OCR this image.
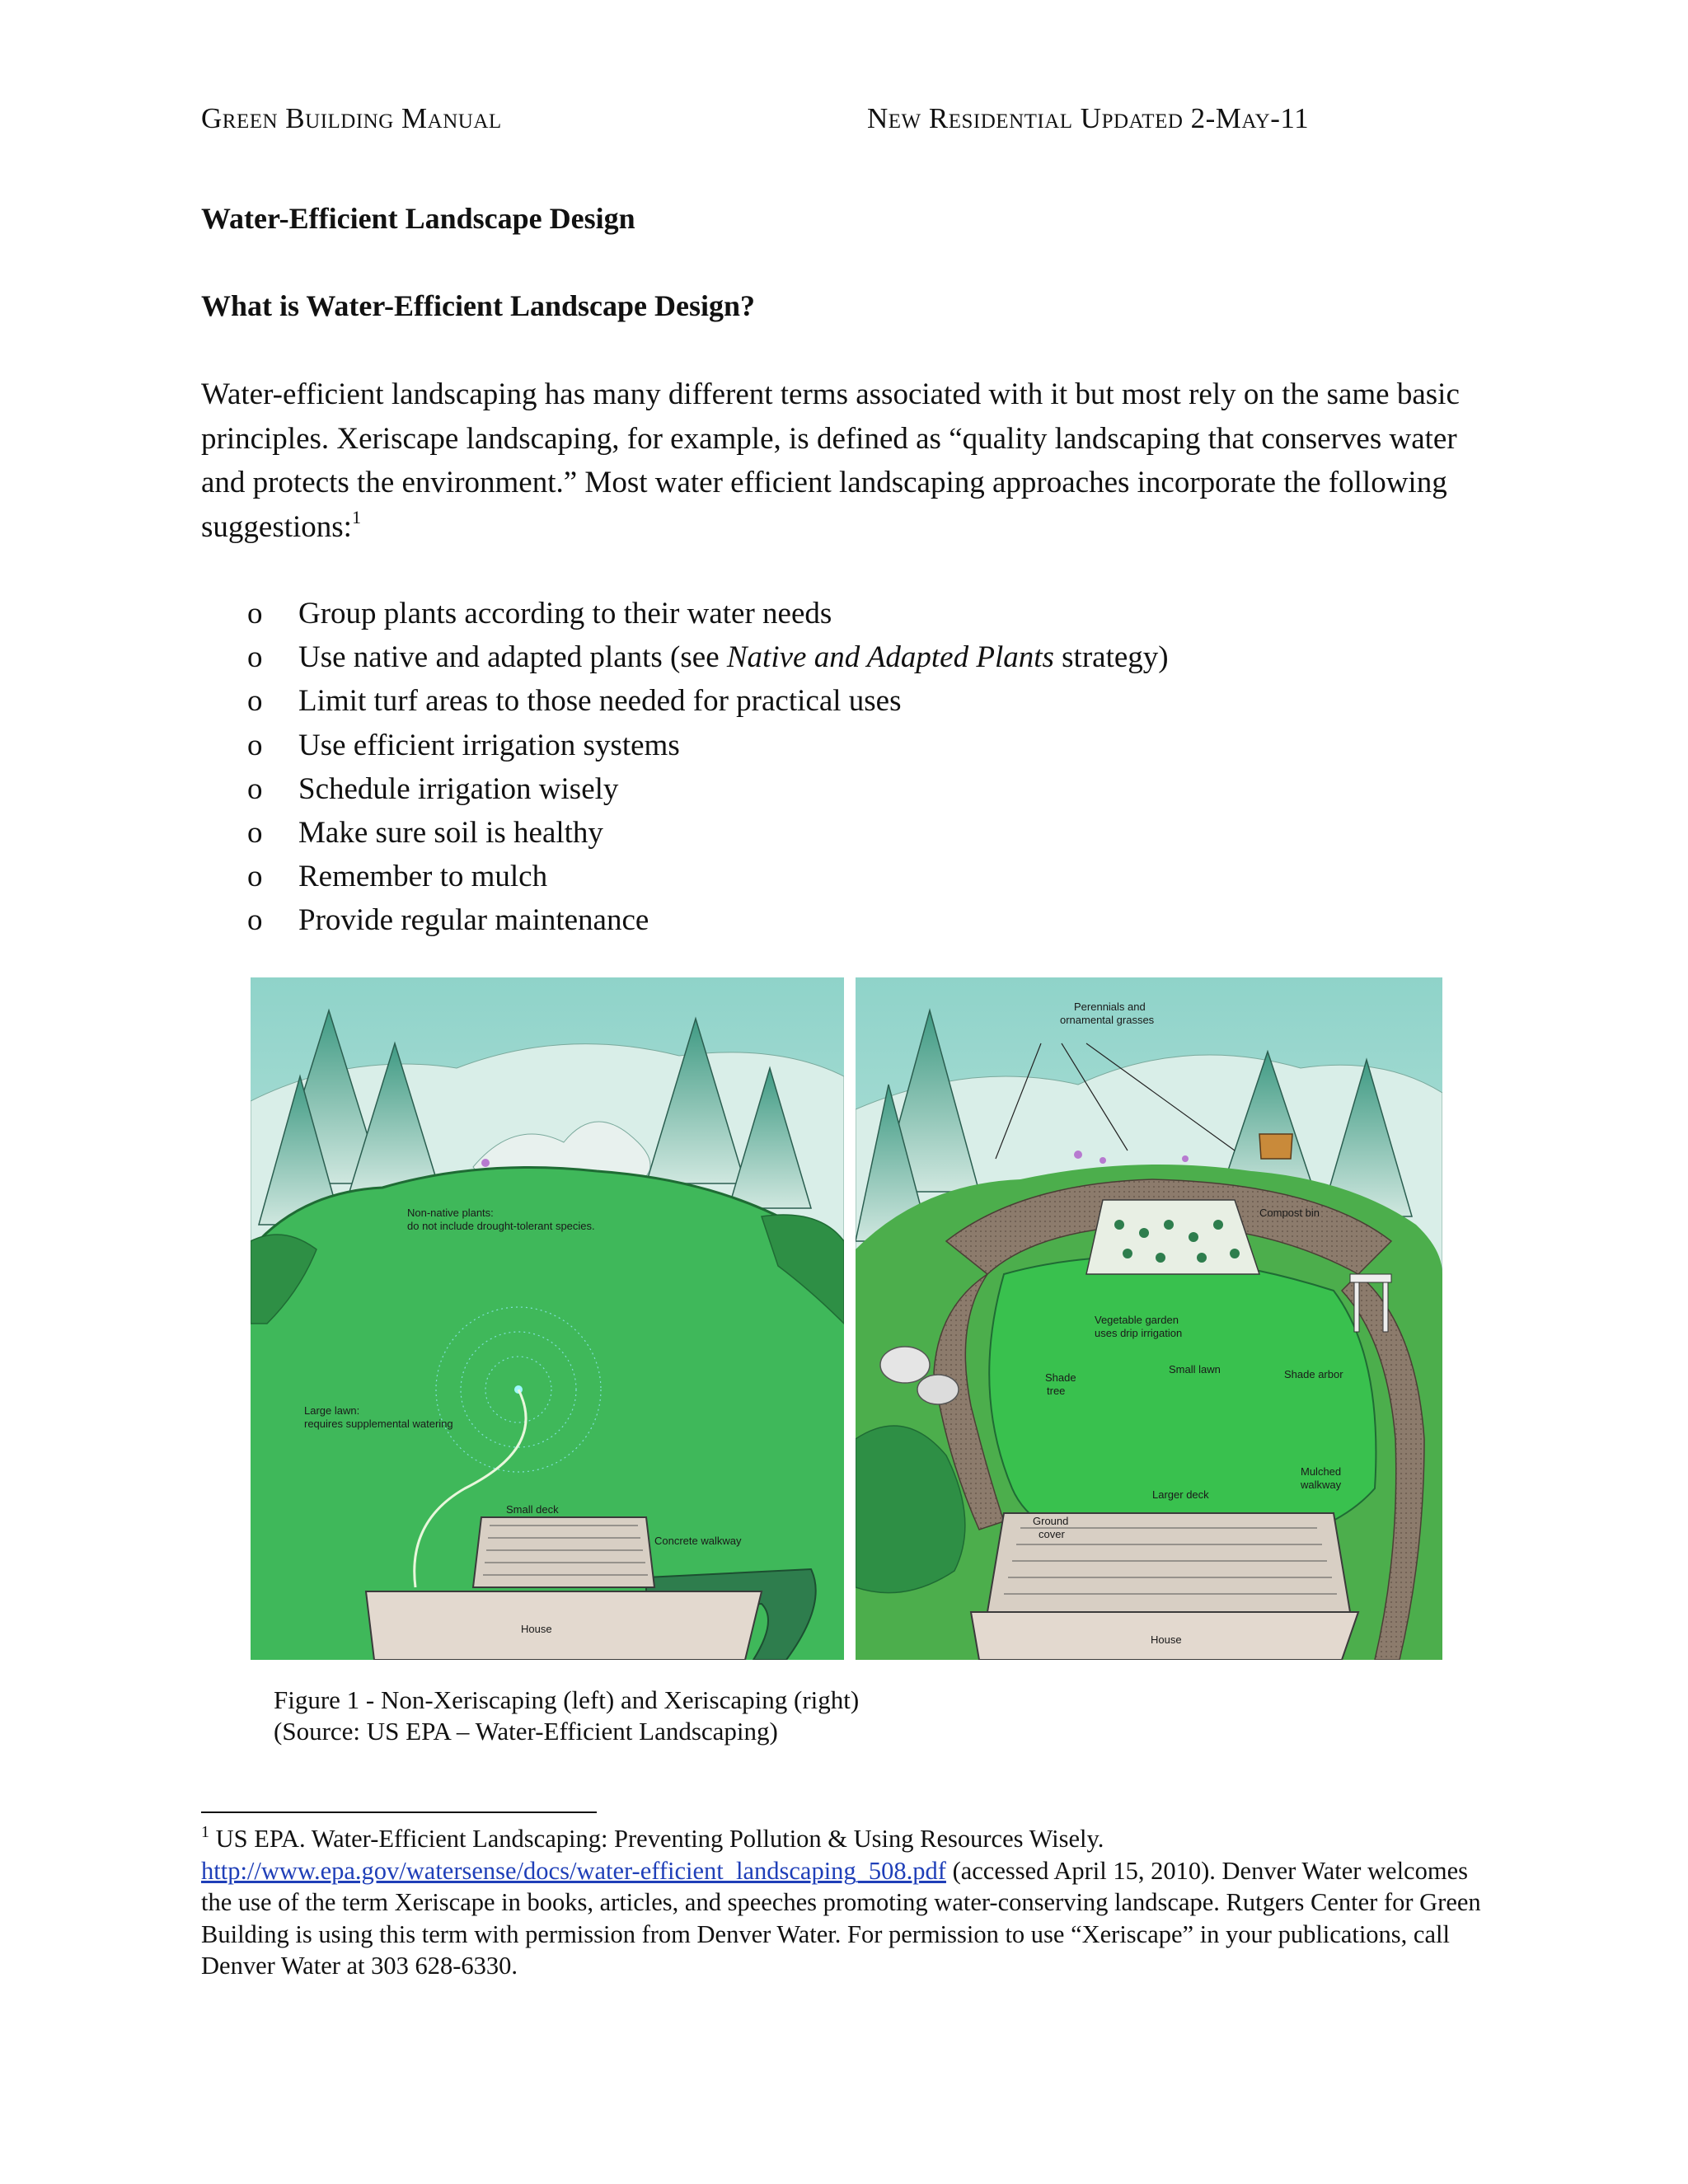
Green Building Manual	New Residential Updated 2-May-11
Water-Efficient Landscape Design
What is Water-Efficient Landscape Design?
Water-efficient landscaping has many different terms associated with it but most rely on the same basic principles. Xeriscape landscaping, for example, is defined as “quality landscaping that conserves water and protects the environment.” Most water efficient landscaping approaches incorporate the following suggestions:$^1$
o Group plants according to their water needs
o Use native and adapted plants (see Native and Adapted Plants strategy)
o Limit turf areas to those needed for practical uses
o Use efficient irrigation systems
o Schedule irrigation wisely
o Make sure soil is healthy
o Remember to mulch
o Provide regular maintenance
Non-native plants:
do not include drought-tolerant species.
Large lawn:
requires supplemental watering
Small deck
Concrete walkway
House
Perennials and
ornamental grasses
Compost bin
Vegetable garden
uses drip irrigation
Shade
tree
Small lawn	Shade arbor
Mulched
walkway
Larger deck
Ground
cover
House
Figure 1 - Non-Xeriscaping (left) and Xeriscaping (right)
(Source: US EPA – Water-Efficient Landscaping)
$^1$ US EPA. Water-Efficient Landscaping: Preventing Pollution & Using Resources Wisely.
http://www.epa.gov/watersense/docs/water-efficient_landscaping_508.pdf (accessed April 15, 2010). Denver Water welcomes the use of the term Xeriscape in books, articles, and speeches promoting water-conserving landscape. Rutgers Center for Green Building is using this term with permission from Denver Water. For permission to use “Xeriscape” in your publications, call Denver Water at 303 628-6330.
